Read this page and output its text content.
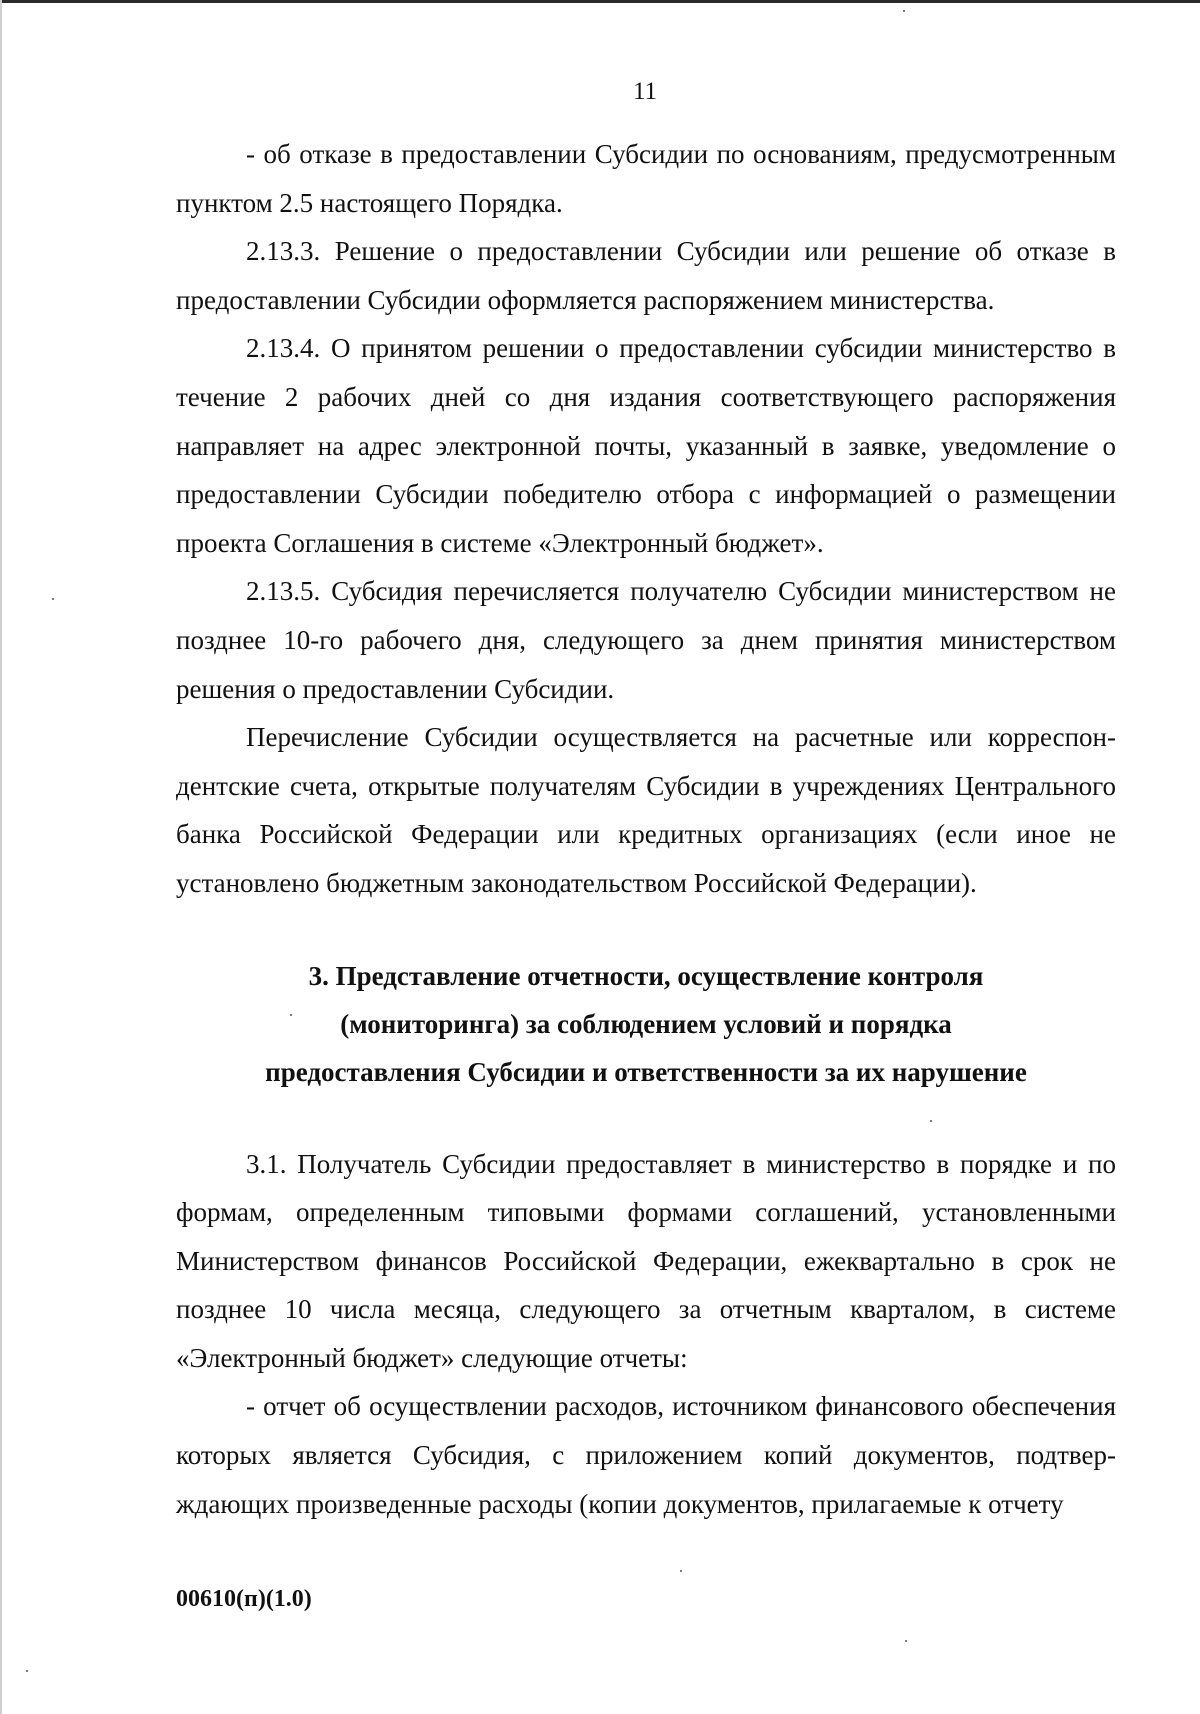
11

- об отказе в предоставлении Субсидии по основаниям, предусмотренным пунктом 2.5 настоящего Порядка.

2.13.3. Решение о предоставлении Субсидии или решение об отказе в предоставлении Субсидии оформляется распоряжением министерства.

2.13.4. О принятом решении о предоставлении субсидии министерство в течение 2 рабочих дней со дня издания соответствующего распоряжения направляет на адрес электронной почты, указанный в заявке, уведомление о предоставлении Субсидии победителю отбора с информацией о размещении проекта Соглашения в системе «Электронный бюджет».

2.13.5. Субсидия перечисляется получателю Субсидии министерством не позднее 10-го рабочего дня, следующего за днем принятия министерством решения о предоставлении Субсидии.

Перечисление Субсидии осуществляется на расчетные или корреспондентские счета, открытые получателям Субсидии в учреждениях Центрального банка Российской Федерации или кредитных организациях (если иное не установлено бюджетным законодательством Российской Федерации).

3. Представление отчетности, осуществление контроля
(мониторинга) за соблюдением условий и порядка
предоставления Субсидии и ответственности за их нарушение

3.1. Получатель Субсидии предоставляет в министерство в порядке и по формам, определенным типовыми формами соглашений, установленными Министерством финансов Российской Федерации, ежеквартально в срок не позднее 10 числа месяца, следующего за отчетным кварталом, в системе «Электронный бюджет» следующие отчеты:

- отчет об осуществлении расходов, источником финансового обеспечения которых является Субсидия, с приложением копий документов, подтверждающих произведенные расходы (копии документов, прилагаемые к отчету

00610(п)(1.0)
